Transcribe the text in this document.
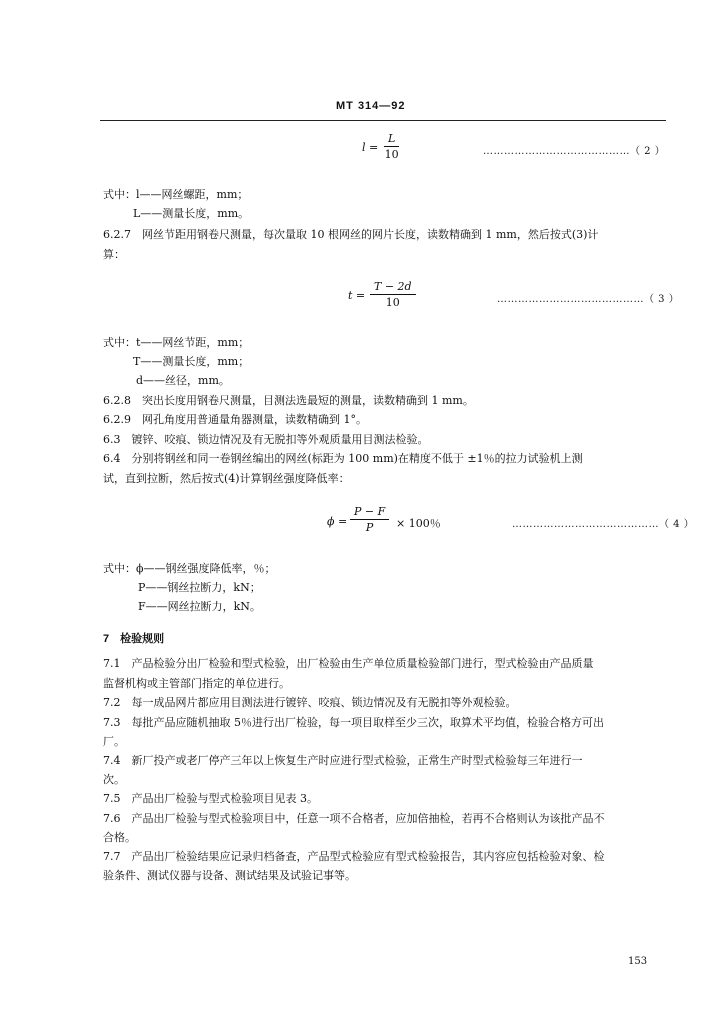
MT 314—92
$l = \frac{L}{10}$	……………………………………（ 2 ）
式中：l——网丝螺距，mm；
L——测量长度，mm。
6.2.7　网丝节距用钢卷尺测量，每次量取 10 根网丝的网片长度，读数精确到 1 mm，然后按式(3)计
算：
$t = \frac{T - 2d}{10}$	……………………………………（ 3 ）
式中：t——网丝节距，mm；
T——测量长度，mm；
d——丝径，mm。
6.2.8　突出长度用钢卷尺测量，目测法选最短的测量，读数精确到 1 mm。
6.2.9　网孔角度用普通量角器测量，读数精确到 1°。
6.3　镀锌、咬痕、锁边情况及有无脱扣等外观质量用目测法检验。
6.4　分别将钢丝和同一卷钢丝编出的网丝(标距为 100 mm)在精度不低于 ±1％的拉力试验机上测
试，直到拉断，然后按式(4)计算钢丝强度降低率：
$\phi = \frac{P - F}{P} \times 100$％	……………………………………（ 4 ）
式中：ϕ——钢丝强度降低率，％；
P——钢丝拉断力，kN；
F——网丝拉断力，kN。
7　检验规则
7.1　产品检验分出厂检验和型式检验，出厂检验由生产单位质量检验部门进行，型式检验由产品质量
监督机构或主管部门指定的单位进行。
7.2　每一成品网片都应用目测法进行镀锌、咬痕、锁边情况及有无脱扣等外观检验。
7.3　每批产品应随机抽取 5％进行出厂检验，每一项目取样至少三次，取算术平均值，检验合格方可出
厂。
7.4　新厂投产或老厂停产三年以上恢复生产时应进行型式检验，正常生产时型式检验每三年进行一
次。
7.5　产品出厂检验与型式检验项目见表 3。
7.6　产品出厂检验与型式检验项目中，任意一项不合格者，应加倍抽检，若再不合格则认为该批产品不
合格。
7.7　产品出厂检验结果应记录归档备查，产品型式检验应有型式检验报告，其内容应包括检验对象、检
验条件、测试仪器与设备、测试结果及试验记事等。
153
